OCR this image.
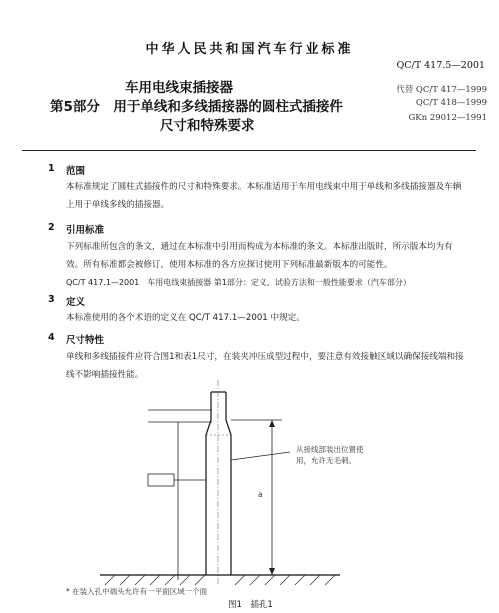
中华人民共和国汽车行业标准
QC/T 417.5—2001
车用电线束插接器
第5部分　用于单线和多线插接器的圆柱式插接件
尺寸和特殊要求
代替 QC/T 417—1999
QC/T 418—1999
GKn 29012—1991
1 范围
本标准规定了圆柱式插接件的尺寸和特殊要求。本标准适用于车用电线束中用于单线和多线插接器及车辆上用于单线多线的插接器。
2 引用标准
下列标准所包含的条文，通过在本标准中引用而构成为本标准的条文。本标准出版时，所示版本均为有效。所有标准都会被修订，使用本标准的各方应探讨使用下列标准最新版本的可能性。
QC/T 417.1—2001　车用电线束插接器 第1部分：定义、试验方法和一般性能要求（汽车部分）
3 定义
本标准使用的各个术语的定义在 QC/T 417.1—2001 中规定。
4 尺寸特性
单线和多线插接件应符合图1和表1尺寸，在装夹冲压成型过程中，要注意有效接触区域以确保接线端和接线不影响插接性能。
从接线部装出位置使用，允许无毛刺。
a
* 在装入孔中端头允许有一平面区域一个面
图1　插孔1
